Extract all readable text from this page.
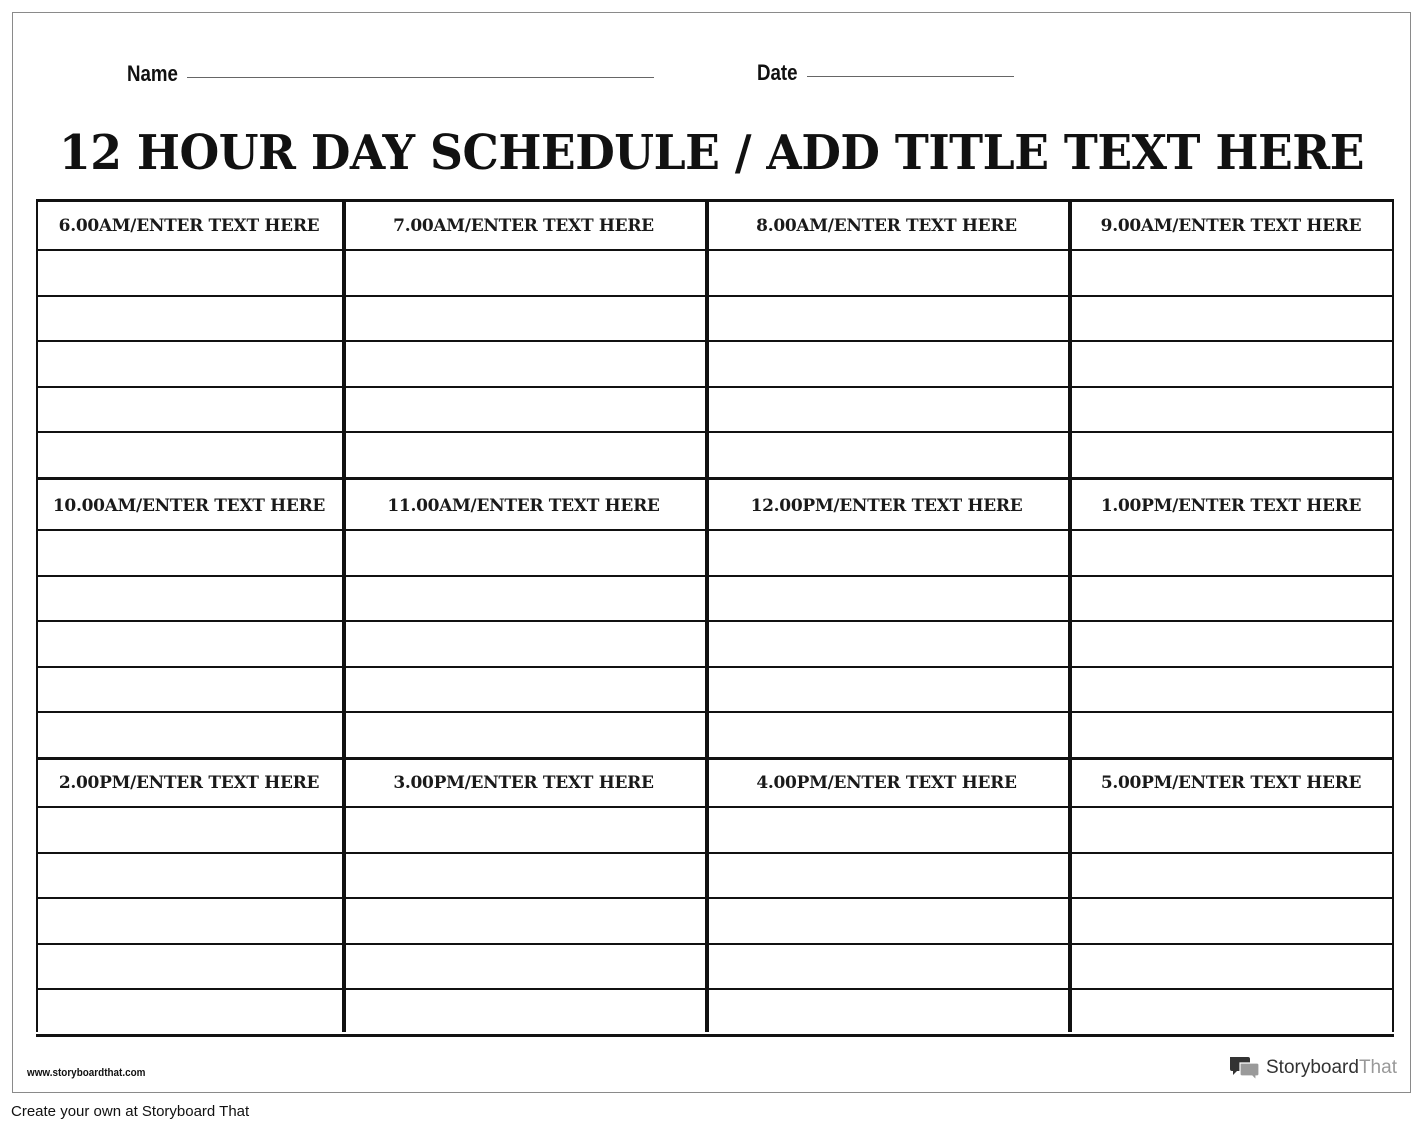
Name	Date
12 HOUR DAY SCHEDULE / ADD TITLE TEXT HERE
6.00AM/ENTER TEXT HERE	7.00AM/ENTER TEXT HERE	8.00AM/ENTER TEXT HERE	9.00AM/ENTER TEXT HERE
10.00AM/ENTER TEXT HERE	11.00AM/ENTER TEXT HERE	12.00PM/ENTER TEXT HERE	1.00PM/ENTER TEXT HERE
2.00PM/ENTER TEXT HERE	3.00PM/ENTER TEXT HERE	4.00PM/ENTER TEXT HERE	5.00PM/ENTER TEXT HERE
www.storyboardthat.com	StoryboardThat
Create your own at Storyboard That
